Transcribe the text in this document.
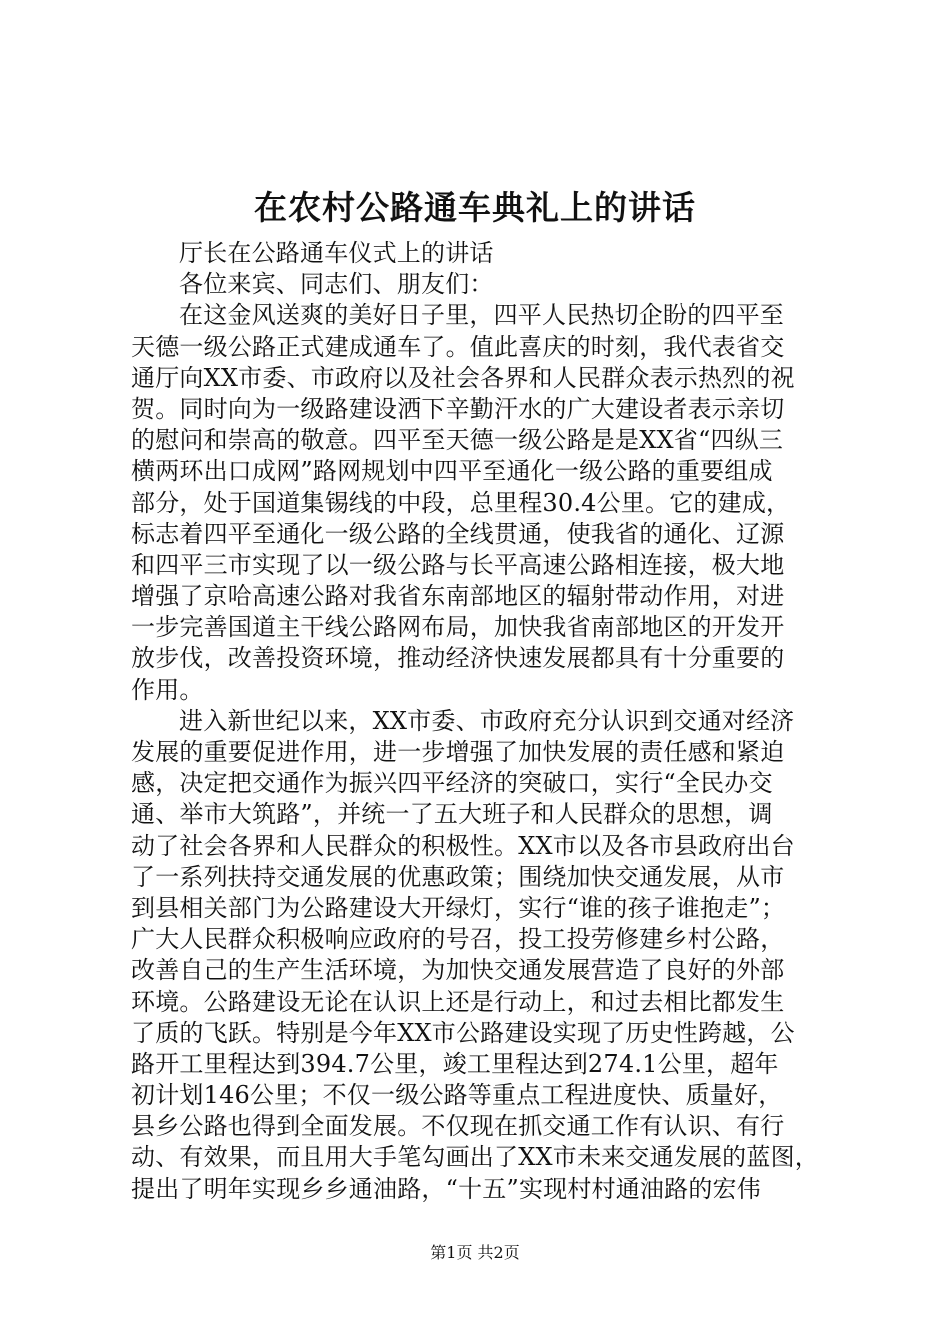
在农村公路通车典礼上的讲话
厅长在公路通车仪式上的讲话
各位来宾、同志们、朋友们：
在这金风送爽的美好日子里，四平人民热切企盼的四平至
天德一级公路正式建成通车了。值此喜庆的时刻，我代表省交
通厅向XX市委、市政府以及社会各界和人民群众表示热烈的祝
贺。同时向为一级路建设洒下辛勤汗水的广大建设者表示亲切
的慰问和崇高的敬意。四平至天德一级公路是是XX省“四纵三
横两环出口成网”路网规划中四平至通化一级公路的重要组成
部分，处于国道集锡线的中段，总里程30.4公里。它的建成，
标志着四平至通化一级公路的全线贯通，使我省的通化、辽源
和四平三市实现了以一级公路与长平高速公路相连接，极大地
增强了京哈高速公路对我省东南部地区的辐射带动作用，对进
一步完善国道主干线公路网布局，加快我省南部地区的开发开
放步伐，改善投资环境，推动经济快速发展都具有十分重要的
作用。
进入新世纪以来，XX市委、市政府充分认识到交通对经济
发展的重要促进作用，进一步增强了加快发展的责任感和紧迫
感，决定把交通作为振兴四平经济的突破口，实行“全民办交
通、举市大筑路”，并统一了五大班子和人民群众的思想，调
动了社会各界和人民群众的积极性。XX市以及各市县政府出台
了一系列扶持交通发展的优惠政策；围绕加快交通发展，从市
到县相关部门为公路建设大开绿灯，实行“谁的孩子谁抱走”；
广大人民群众积极响应政府的号召，投工投劳修建乡村公路，
改善自己的生产生活环境，为加快交通发展营造了良好的外部
环境。公路建设无论在认识上还是行动上，和过去相比都发生
了质的飞跃。特别是今年XX市公路建设实现了历史性跨越，公
路开工里程达到394.7公里，竣工里程达到274.1公里，超年
初计划146公里；不仅一级公路等重点工程进度快、质量好，
县乡公路也得到全面发展。不仅现在抓交通工作有认识、有行
动、有效果，而且用大手笔勾画出了XX市未来交通发展的蓝图，
提出了明年实现乡乡通油路，“十五”实现村村通油路的宏伟
第1页 共2页
